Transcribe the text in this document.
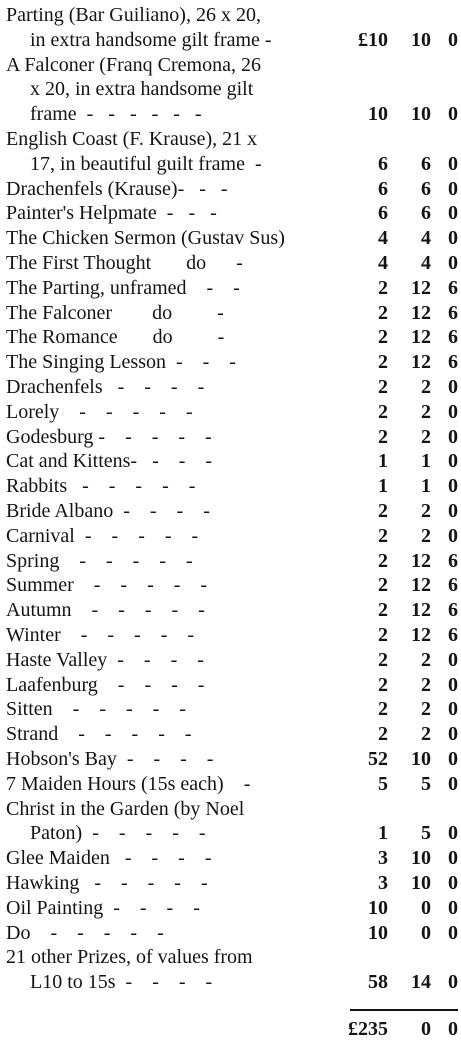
Parting (Bar Guiliano), 26 x 20,
in extra handsome gilt frame -	£10	10 0
A Falconer (Franq Cremona, 26
x 20, in extra handsome gilt
frame  -   -   -   -   -   -	10	10 0
English Coast (F. Krause), 21 x
17, in beautiful guilt frame  -	6	6 0
Drachenfels (Krause)-   -   -	6	6 0
Painter's Helpmate  -   -   -	6	6 0
The Chicken Sermon (Gustav Sus)	4	4 0
The First Thought       do      -	4	4 0
The Parting, unframed    -    -	2	12 6
The Falconer        do         -	2	12 6
The Romance       do         -	2	12 6
The Singing Lesson  -    -    -	2	12 6
Drachenfels   -    -    -    -	2	2 0
Lorely    -    -    -    -    -	2	2 0
Godesburg -    -    -    -    -	2	2 0
Cat and Kittens-   -    -    -	1	1 0
Rabbits   -    -    -    -    -	1	1 0
Bride Albano  -    -    -    -	2	2 0
Carnival  -    -    -    -    -	2	2 0
Spring    -    -    -    -    -	2	12 6
Summer    -    -    -    -    -	2	12 6
Autumn    -    -    -    -    -	2	12 6
Winter    -    -    -    -    -	2	12 6
Haste Valley  -    -    -    -	2	2 0
Laafenburg    -    -    -    -	2	2 0
Sitten    -    -    -    -    -	2	2 0
Strand    -    -    -    -    -	2	2 0
Hobson's Bay  -    -    -    -	52	10 0
7 Maiden Hours (15s each)    -	5	5 0
Christ in the Garden (by Noel
Paton)  -    -    -    -    -	1	5 0
Glee Maiden   -    -    -    -	3	10 0
Hawking   -    -    -    -    -	3	10 0
Oil Painting  -    -    -    -	10	0 0
Do    -    -    -    -    -	10	0 0
21 other Prizes, of values from
L10 to 15s  -    -    -    -	58	14 0
£235	0 0
